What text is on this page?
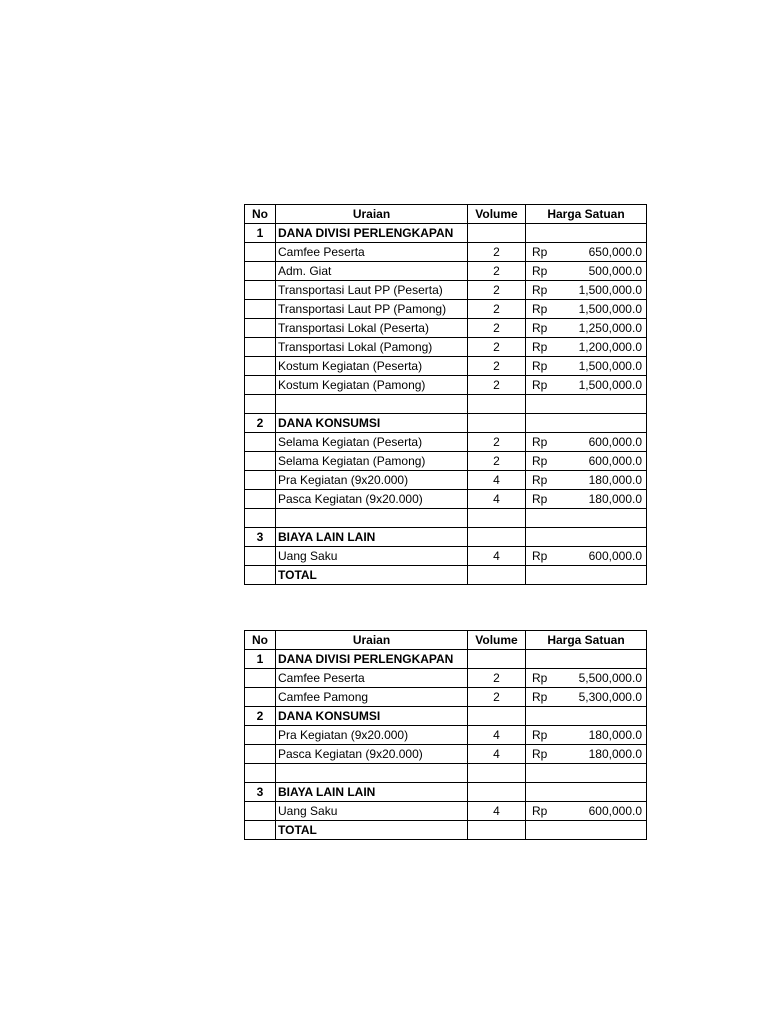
No	Uraian	Volume	Harga Satuan
1	DANA DIVISI PERLENGKAPAN		

	Camfee Peserta	2	Rp 650,000.0

	Adm. Giat	2	Rp 500,000.0

	Transportasi Laut PP (Peserta)	2	Rp 1,500,000.0

	Transportasi Laut PP (Pamong)	2	Rp 1,500,000.0

	Transportasi Lokal (Peserta)	2	Rp 1,250,000.0

	Transportasi Lokal (Pamong)	2	Rp 1,200,000.0

	Kostum Kegiatan (Peserta)	2	Rp 1,500,000.0

	Kostum Kegiatan (Pamong)	2	Rp 1,500,000.0

2	DANA KONSUMSI		

	Selama Kegiatan (Peserta)	2	Rp 600,000.0

	Selama Kegiatan (Pamong)	2	Rp 600,000.0

	Pra Kegiatan (9x20.000)	4	Rp 180,000.0

	Pasca Kegiatan (9x20.000)	4	Rp 180,000.0

3	BIAYA LAIN LAIN		

	Uang Saku	4	Rp 600,000.0

	TOTAL		
No	Uraian	Volume	Harga Satuan
1	DANA DIVISI PERLENGKAPAN		

	Camfee Peserta	2	Rp 5,500,000.0

	Camfee Pamong	2	Rp 5,300,000.0

2	DANA KONSUMSI		

	Pra Kegiatan (9x20.000)	4	Rp 180,000.0

	Pasca Kegiatan (9x20.000)	4	Rp 180,000.0

3	BIAYA LAIN LAIN		

	Uang Saku	4	Rp 600,000.0

	TOTAL		
